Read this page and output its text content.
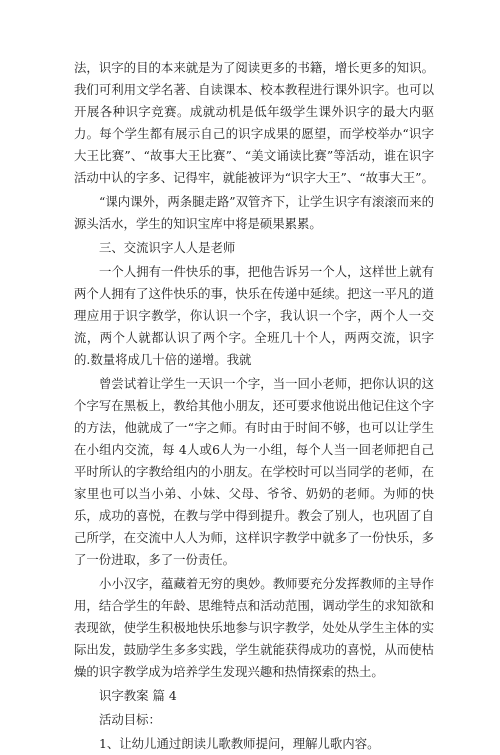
法，识字的目的本来就是为了阅读更多的书籍，增长更多的知识。我们可利用文学名著、自读课本、校本教程进行课外识字。也可以开展各种识字竞赛。成就动机是低年级学生课外识字的最大内驱力。每个学生都有展示自己的识字成果的愿望，而学校举办“识字大王比赛”、“故事大王比赛”、“美文诵读比赛”等活动，谁在识字活动中认的字多、记得牢，就能被评为“识字大王”、“故事大王”。

“课内课外，两条腿走路”双管齐下，让学生识字有滚滚而来的源头活水，学生的知识宝库中将是硕果累累。

三、交流识字人人是老师

一个人拥有一件快乐的事，把他告诉另一个人，这样世上就有两个人拥有了这件快乐的事，快乐在传递中延续。把这一平凡的道理应用于识字教学，你认识一个字，我认识一个字，两个人一交流，两个人就都认识了两个字。全班几十个人，两两交流，识字的.数量将成几十倍的递增。我就

曾尝试着让学生一天识一个字，当一回小老师，把你认识的这个字写在黑板上，教给其他小朋友，还可要求他说出他记住这个字的方法，他就成了一“字之师。有时由于时间不够，也可以让学生在小组内交流，每 4人或6人为一小组，每个人当一回老师把自己平时所认的字教给组内的小朋友。在学校时可以当同学的老师，在家里也可以当小弟、小妹、父母、爷爷、奶奶的老师。为师的快乐，成功的喜悦，在教与学中得到提升。教会了别人，也巩固了自己所学，在交流中人人为师，这样识字教学中就多了一份快乐，多了一份进取，多了一份责任。

小小汉字，蕴藏着无穷的奥妙。教师要充分发挥教师的主导作用，结合学生的年龄、思维特点和活动范围，调动学生的求知欲和表现欲，使学生积极地快乐地参与识字教学，处处从学生主体的实际出发，鼓励学生多多实践，学生就能获得成功的喜悦，从而使枯燥的识字教学成为培养学生发现兴趣和热情探索的热土。

识字教案 篇 4

活动目标：

1、让幼儿通过朗读儿歌教师提问，理解儿歌内容。
